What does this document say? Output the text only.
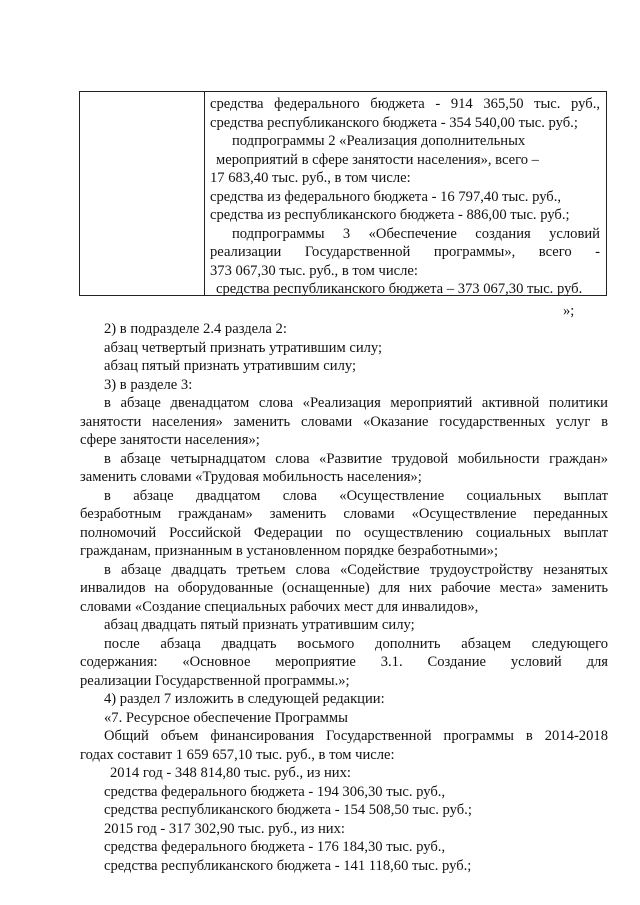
средства федерального бюджета - 914 365,50 тыс. руб.,
средства республиканского бюджета - 354 540,00 тыс. руб.;
подпрограммы 2 «Реализация дополнительных
мероприятий в сфере занятости населения», всего –
17 683,40 тыс. руб., в том числе:
средства из федерального бюджета - 16 797,40 тыс. руб.,
средства из республиканского бюджета - 886,00 тыс. руб.;
подпрограммы 3 «Обеспечение создания условий
реализации Государственной программы», всего -
373 067,30 тыс. руб., в том числе:
средства республиканского бюджета – 373 067,30 тыс. руб.
»;
2) в подразделе 2.4 раздела 2:
абзац четвертый признать утратившим силу;
абзац пятый признать утратившим силу;
3) в разделе 3:
в абзаце двенадцатом слова «Реализация мероприятий активной политики
занятости населения» заменить словами «Оказание государственных услуг в
сфере занятости населения»;
в абзаце четырнадцатом слова «Развитие трудовой мобильности граждан»
заменить словами «Трудовая мобильность населения»;
в абзаце двадцатом слова «Осуществление социальных выплат
безработным гражданам» заменить словами «Осуществление переданных
полномочий Российской Федерации по осуществлению социальных выплат
гражданам, признанным в установленном порядке безработными»;
в абзаце двадцать третьем слова «Содействие трудоустройству незанятых
инвалидов на оборудованные (оснащенные) для них рабочие места» заменить
словами «Создание специальных рабочих мест для инвалидов»,
абзац двадцать пятый признать утратившим силу;
после абзаца двадцать восьмого дополнить абзацем следующего
содержания: «Основное мероприятие 3.1. Создание условий для
реализации Государственной программы.»;
4) раздел 7 изложить в следующей редакции:
«7. Ресурсное обеспечение Программы
Общий объем финансирования Государственной программы в 2014-2018
годах составит 1 659 657,10 тыс. руб., в том числе:
2014 год - 348 814,80 тыс. руб., из них:
средства федерального бюджета - 194 306,30 тыс. руб.,
средства республиканского бюджета - 154 508,50 тыс. руб.;
2015 год - 317 302,90 тыс. руб., из них:
средства федерального бюджета - 176 184,30 тыс. руб.,
средства республиканского бюджета - 141 118,60 тыс. руб.;
